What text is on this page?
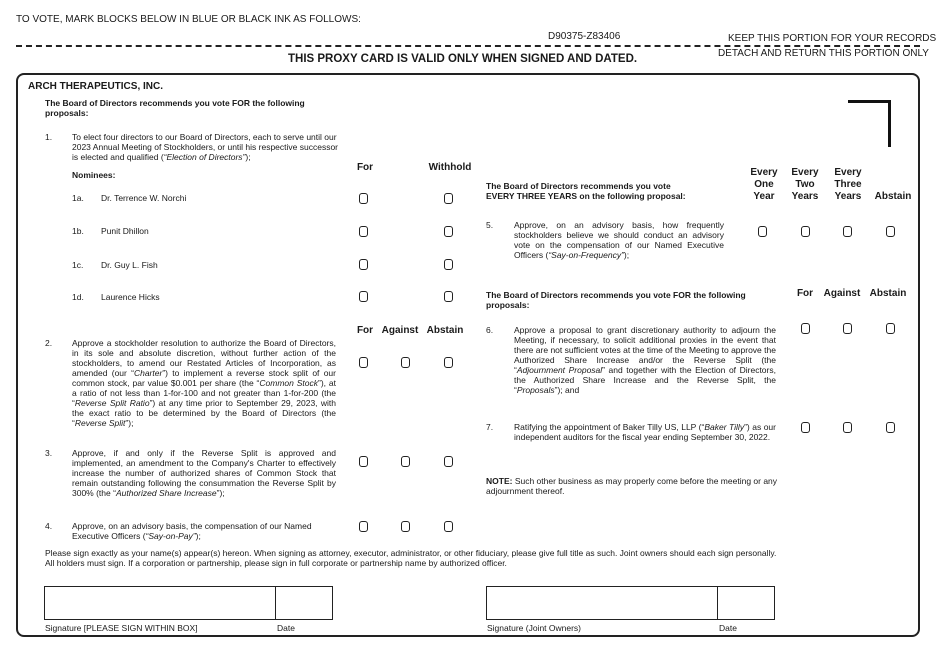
TO VOTE, MARK BLOCKS BELOW IN BLUE OR BLACK INK AS FOLLOWS:
D90375-Z83406	KEEP THIS PORTION FOR YOUR RECORDS
DETACH AND RETURN THIS PORTION ONLY
THIS PROXY CARD IS VALID ONLY WHEN SIGNED AND DATED.
ARCH THERAPEUTICS, INC.
The Board of Directors recommends you vote FOR the following proposals:
1. To elect four directors to our Board of Directors, each to serve until our 2023 Annual Meeting of Stockholders, or until his respective successor is elected and qualified (“Election of Directors”);
For	Withhold
Nominees:
1a. Dr. Terrence W. Norchi
1b. Punit Dhillon
1c. Dr. Guy L. Fish
1d. Laurence Hicks
For Against Abstain
2. Approve a stockholder resolution to authorize the Board of Directors, in its sole and absolute discretion, without further action of the stockholders, to amend our Restated Articles of Incorporation, as amended (our “Charter”) to implement a reverse stock split of our common stock, par value $0.001 per share (the “Common Stock”), at a ratio of not less than 1-for-100 and not greater than 1-for-200 (the “Reverse Split Ratio”) at any time prior to September 29, 2023, with the exact ratio to be determined by the Board of Directors (the “Reverse Split”);
3. Approve, if and only if the Reverse Split is approved and implemented, an amendment to the Company's Charter to effectively increase the number of authorized shares of Common Stock that remain outstanding following the consummation the Reverse Split by 300% (the “Authorized Share Increase”);
4. Approve, on an advisory basis, the compensation of our Named Executive Officers (“Say-on-Pay”);
The Board of Directors recommends you vote
EVERY THREE YEARS on the following proposal:
Every One Year
Every Two Years
Every Three Years	Abstain
5. Approve, on an advisory basis, how frequently stockholders believe we should conduct an advisory vote on the compensation of our Named Executive Officers (“Say-on-Frequency”);
The Board of Directors recommends you vote FOR the following proposals:
For	Against Abstain
6. Approve a proposal to grant discretionary authority to adjourn the Meeting, if necessary, to solicit additional proxies in the event that there are not sufficient votes at the time of the Meeting to approve the Authorized Share Increase and/or the Reverse Split (the “Adjournment Proposal” and together with the Election of Directors, the Authorized Share Increase and the Reverse Split, the “Proposals”); and
7. Ratifying the appointment of Baker Tilly US, LLP (“Baker Tilly”) as our independent auditors for the fiscal year ending September 30, 2022.
NOTE: Such other business as may properly come before the meeting or any adjournment thereof.
Please sign exactly as your name(s) appear(s) hereon. When signing as attorney, executor, administrator, or other fiduciary, please give full title as such. Joint owners should each sign personally. All holders must sign. If a corporation or partnership, please sign in full corporate or partnership name by authorized officer.
Signature [PLEASE SIGN WITHIN BOX]	Date	Signature (Joint Owners)	Date
